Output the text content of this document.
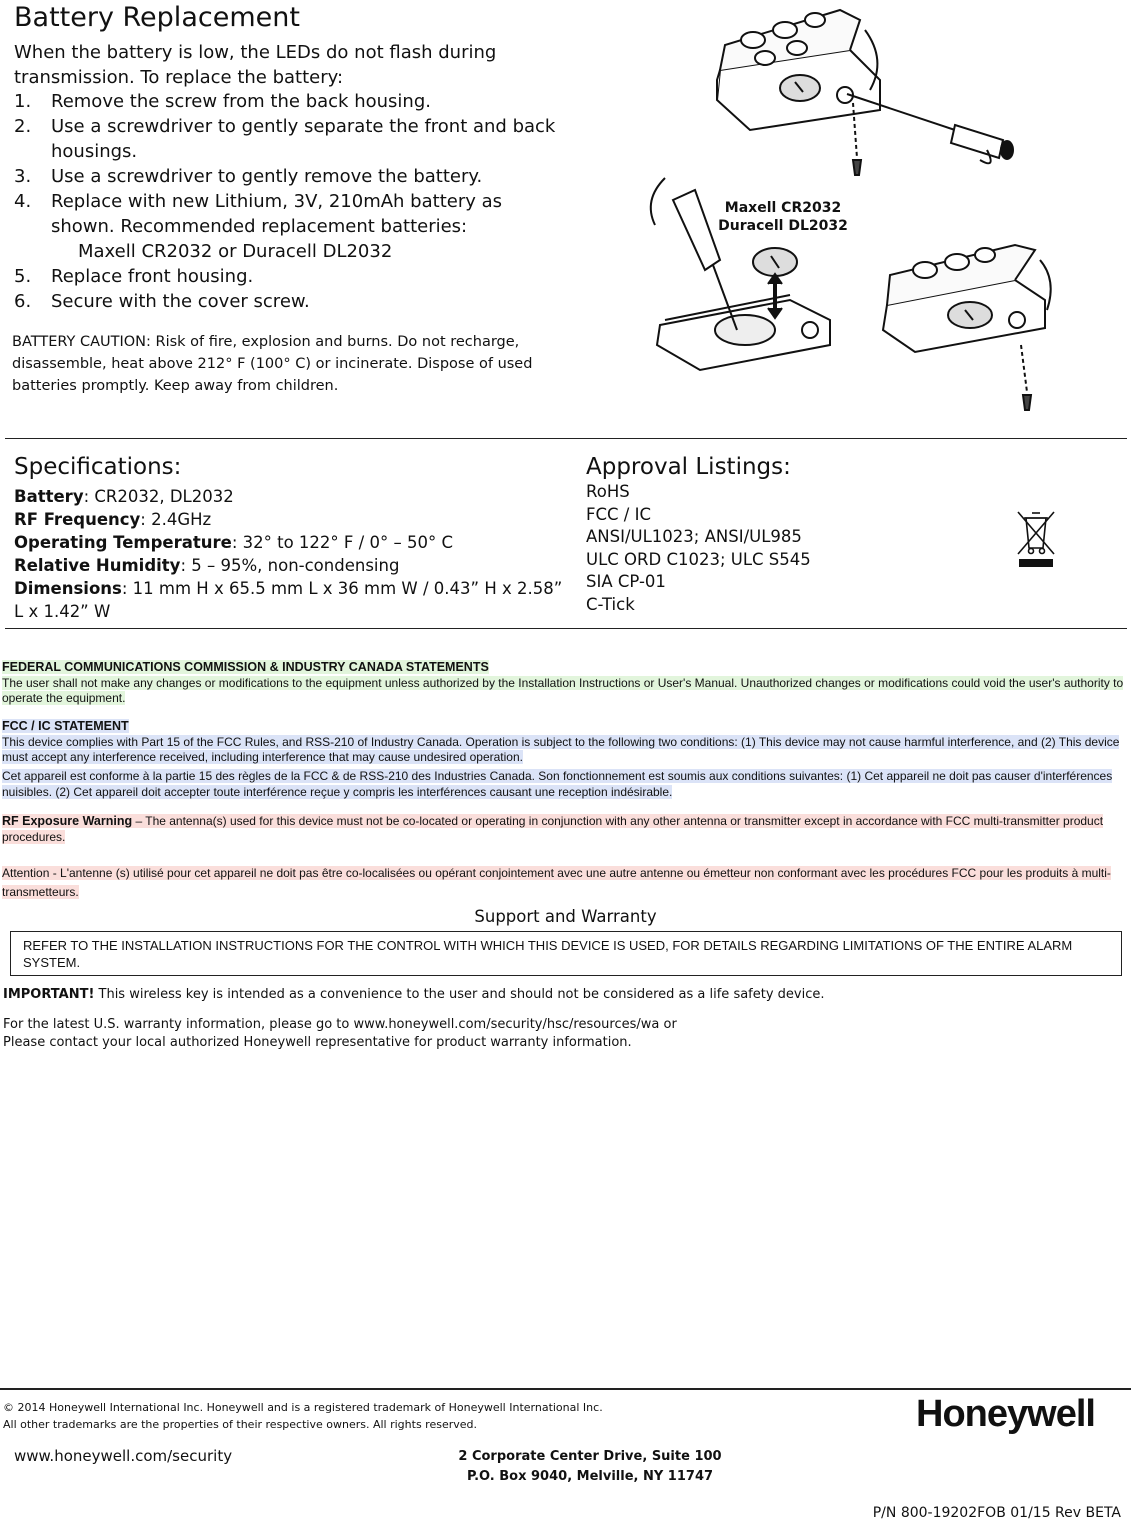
Battery Replacement

When the battery is low, the LEDs do not flash during transmission. To replace the battery:

1. Remove the screw from the back housing.
2. Use a screwdriver to gently separate the front and back housings.
3. Use a screwdriver to gently remove the battery.
4. Replace with new Lithium, 3V, 210mAh battery as shown. Recommended replacement batteries:
Maxell CR2032 or Duracell DL2032
5. Replace front housing.
6. Secure with the cover screw.

BATTERY CAUTION: Risk of fire, explosion and burns. Do not recharge, disassemble, heat above 212° F (100° C) or incinerate. Dispose of used batteries promptly. Keep away from children.

Maxell CR2032
Duracell DL2032
Specifications:
Battery: CR2032, DL2032
RF Frequency: 2.4GHz
Operating Temperature: 32° to 122° F / 0° – 50° C
Relative Humidity: 5 – 95%, non-condensing
Dimensions: 11 mm H x 65.5 mm L x 36 mm W / 0.43” H x 2.58” L x 1.42” W
Approval Listings:
RoHS
FCC / IC
ANSI/UL1023; ANSI/UL985
ULC ORD C1023; ULC S545
SIA CP-01
C-Tick
FEDERAL COMMUNICATIONS COMMISSION & INDUSTRY CANADA STATEMENTS
The user shall not make any changes or modifications to the equipment unless authorized by the Installation Instructions or User's Manual. Unauthorized changes or modifications could void the user's authority to operate the equipment.
FCC / IC STATEMENT
This device complies with Part 15 of the FCC Rules, and RSS-210 of Industry Canada. Operation is subject to the following two conditions: (1) This device may not cause harmful interference, and (2) This device must accept any interference received, including interference that may cause undesired operation.
Cet appareil est conforme à la partie 15 des règles de la FCC & de RSS-210 des Industries Canada. Son fonctionnement est soumis aux conditions suivantes: (1) Cet appareil ne doit pas causer d'interférences nuisibles. (2) Cet appareil doit accepter toute interférence reçue y compris les interférences causant une reception indésirable.
RF Exposure Warning – The antenna(s) used for this device must not be co-located or operating in conjunction with any other antenna or transmitter except in accordance with FCC multi-transmitter product procedures.
Attention - L'antenne (s) utilisé pour cet appareil ne doit pas être co-localisées ou opérant conjointement avec une autre antenne ou émetteur non conformant avec les procédures FCC pour les produits à multi-transmetteurs.
Support and Warranty
REFER TO THE INSTALLATION INSTRUCTIONS FOR THE CONTROL WITH WHICH THIS DEVICE IS USED, FOR DETAILS REGARDING LIMITATIONS OF THE ENTIRE ALARM SYSTEM.
IMPORTANT! This wireless key is intended as a convenience to the user and should not be considered as a life safety device.
For the latest U.S. warranty information, please go to www.honeywell.com/security/hsc/resources/wa or
Please contact your local authorized Honeywell representative for product warranty information.
© 2014 Honeywell International Inc. Honeywell and is a registered trademark of Honeywell International Inc.
All other trademarks are the properties of their respective owners. All rights reserved.	Honeywell
www.honeywell.com/security	2 Corporate Center Drive, Suite 100
P.O. Box 9040, Melville, NY 11747
P/N 800-19202FOB 01/15 Rev BETA
